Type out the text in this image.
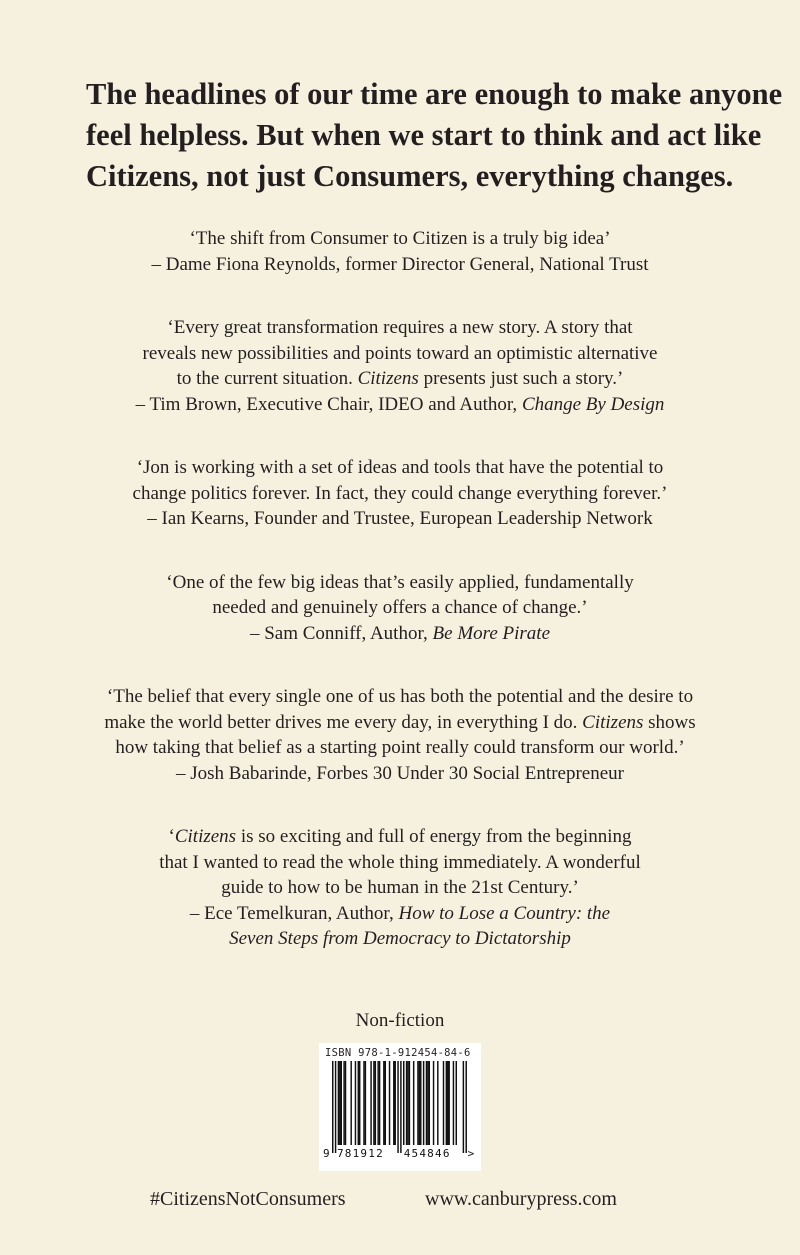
The headlines of our time are enough to make anyone
feel helpless. But when we start to think and act like
Citizens, not just Consumers, everything changes.

‘The shift from Consumer to Citizen is a truly big idea’
– Dame Fiona Reynolds, former Director General, National Trust

‘Every great transformation requires a new story. A story that
reveals new possibilities and points toward an optimistic alternative
to the current situation. Citizens presents just such a story.’
– Tim Brown, Executive Chair, IDEO and Author, Change By Design

‘Jon is working with a set of ideas and tools that have the potential to
change politics forever. In fact, they could change everything forever.’
– Ian Kearns, Founder and Trustee, European Leadership Network

‘One of the few big ideas that’s easily applied, fundamentally
needed and genuinely offers a chance of change.’
– Sam Conniff, Author, Be More Pirate

‘The belief that every single one of us has both the potential and the desire to
make the world better drives me every day, in everything I do. Citizens shows
how taking that belief as a starting point really could transform our world.’
– Josh Babarinde, Forbes 30 Under 30 Social Entrepreneur

‘Citizens is so exciting and full of energy from the beginning
that I wanted to read the whole thing immediately. A wonderful
guide to how to be human in the 21st Century.’
– Ece Temelkuran, Author, How to Lose a Country: the
Seven Steps from Democracy to Dictatorship

Non-fiction
9 781912 454846 >
ISBN 978-1-912454-84-6
#CitizensNotConsumers	www.canburypress.com
